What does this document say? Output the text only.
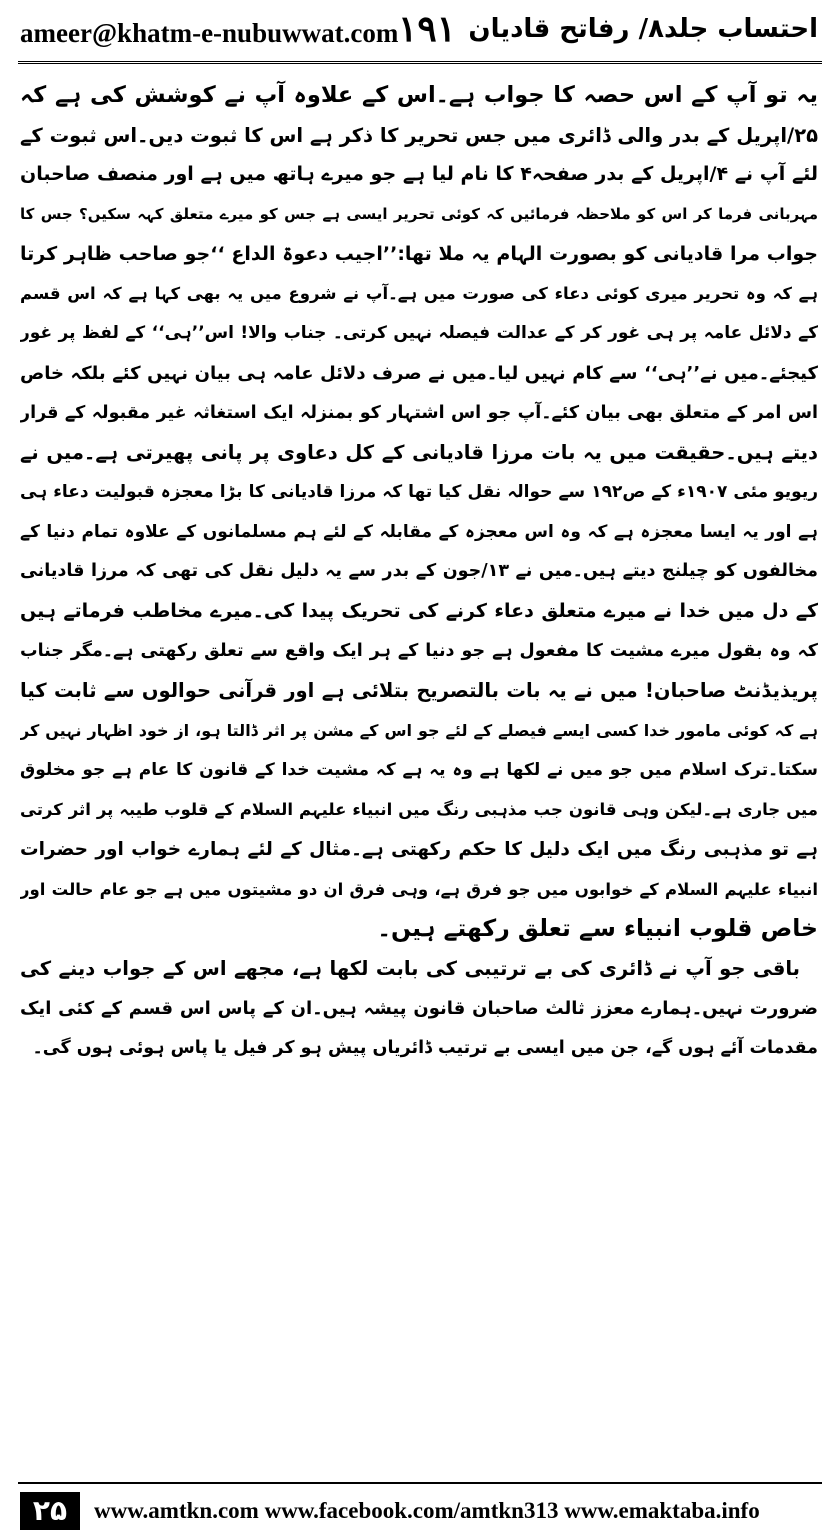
ameer@khatm-e-nubuwwat.com ۱۹۱ احتساب جلد۸/ رفاتح قادیان
یہ تو آپ کے اس حصہ کا جواب ہے۔اس کے علاوہ آپ نے کوشش کی ہے کہ
۲۵/اپریل کے بدر والی ڈائری میں جس تحریر کا ذکر ہے اس کا ثبوت دیں۔اس ثبوت کے
لئے آپ نے ۴/اپریل کے بدر صفحہ۴ کا نام لیا ہے جو میرے ہاتھ میں ہے اور منصف صاحبان
مہربانی فرما کر اس کو ملاحظہ فرمائیں کہ کوئی تحریر ایسی ہے جس کو میرے متعلق کہہ سکیں؟ جس کا
جواب مرا قادیانی کو بصورت الہام یہ ملا تھا:’’اجیب دعوۃ الداع ‘‘جو صاحب ظاہر کرتا
ہے کہ وہ تحریر میری کوئی دعاء کی صورت میں ہے۔آپ نے شروع میں یہ بھی کہا ہے کہ اس قسم
کے دلائل عامہ پر ہی غور کر کے عدالت فیصلہ نہیں کرتی۔ جناب والا! اس’’ہی‘‘ کے لفظ پر غور
کیجئے۔میں نے’’ہی‘‘ سے کام نہیں لیا۔میں نے صرف دلائل عامہ ہی بیان نہیں کئے بلکہ خاص
اس امر کے متعلق بھی بیان کئے۔آپ جو اس اشتہار کو بمنزلہ ایک استغاثہ غیر مقبولہ کے قرار
دیتے ہیں۔حقیقت میں یہ بات مرزا قادیانی کے کل دعاوی پر پانی پھیرتی ہے۔میں نے
ریویو مئی ۱۹۰۷ء کے ص۱۹۲ سے حوالہ نقل کیا تھا کہ مرزا قادیانی کا بڑا معجزہ قبولیت دعاء ہی
ہے اور یہ ایسا معجزہ ہے کہ وہ اس معجزہ کے مقابلہ کے لئے ہم مسلمانوں کے علاوہ تمام دنیا کے
مخالفوں کو چیلنج دیتے ہیں۔میں نے ۱۳/جون کے بدر سے یہ دلیل نقل کی تھی کہ مرزا قادیانی
کے دل میں خدا نے میرے متعلق دعاء کرنے کی تحریک پیدا کی۔میرے مخاطب فرماتے ہیں
کہ وہ بقول میرے مشیت کا مفعول ہے جو دنیا کے ہر ایک واقع سے تعلق رکھتی ہے۔مگر جناب
پریذیڈنٹ صاحبان! میں نے یہ بات بالتصریح بتلائی ہے اور قرآنی حوالوں سے ثابت کیا
ہے کہ کوئی مامور خدا کسی ایسے فیصلے کے لئے جو اس کے مشن پر اثر ڈالتا ہو، از خود اظہار نہیں کر
سکتا۔ترک اسلام میں جو میں نے لکھا ہے وہ یہ ہے کہ مشیت خدا کے قانون کا عام ہے جو مخلوق
میں جاری ہے۔لیکن وہی قانون جب مذہبی رنگ میں انبیاء علیہم السلام کے قلوب طیبہ پر اثر کرتی
ہے تو مذہبی رنگ میں ایک دلیل کا حکم رکھتی ہے۔مثال کے لئے ہمارے خواب اور حضرات
انبیاء علیہم السلام کے خوابوں میں جو فرق ہے، وہی فرق ان دو مشیتوں میں ہے جو عام حالت اور
خاص قلوب انبیاء سے تعلق رکھتے ہیں۔
باقی جو آپ نے ڈائری کی بے ترتیبی کی بابت لکھا ہے، مجھے اس کے جواب دینے کی
ضرورت نہیں۔ہمارے معزز ثالث صاحبان قانون پیشہ ہیں۔ان کے پاس اس قسم کے کئی ایک
مقدمات آئے ہوں گے، جن میں ایسی بے ترتیب ڈائریاں پیش ہو کر فیل یا پاس ہوئی ہوں گی۔
۲۵	www.amtkn.com www.facebook.com/amtkn313 www.emaktaba.info
